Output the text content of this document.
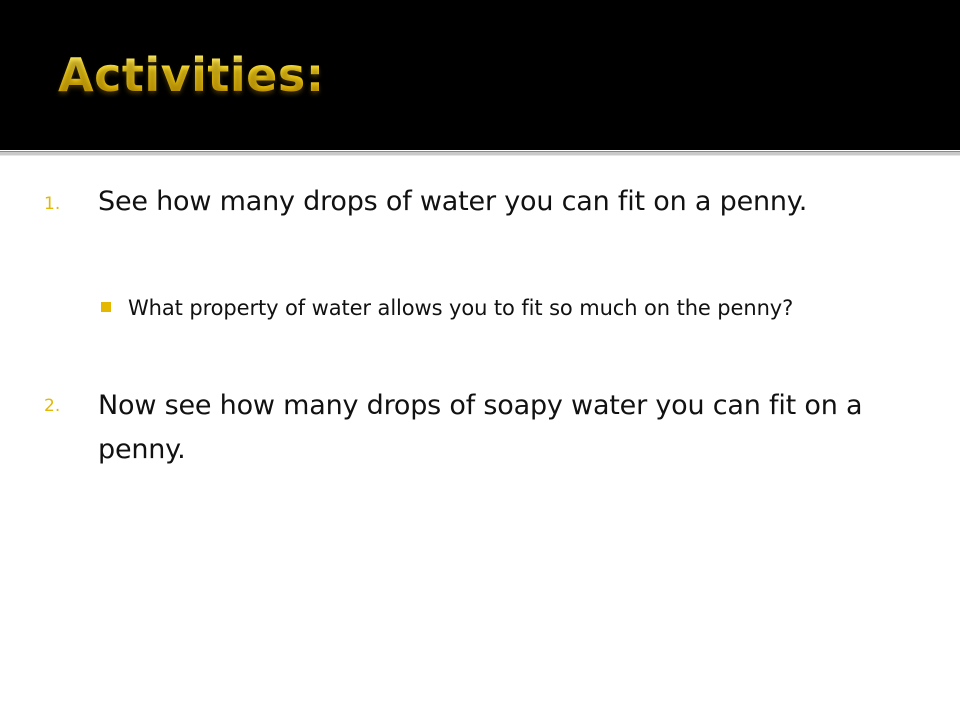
Activities:
1. See how many drops of water you can fit on a penny.

What property of water allows you to fit so much on the penny?

2. Now see how many drops of soapy water you can fit on a penny.
